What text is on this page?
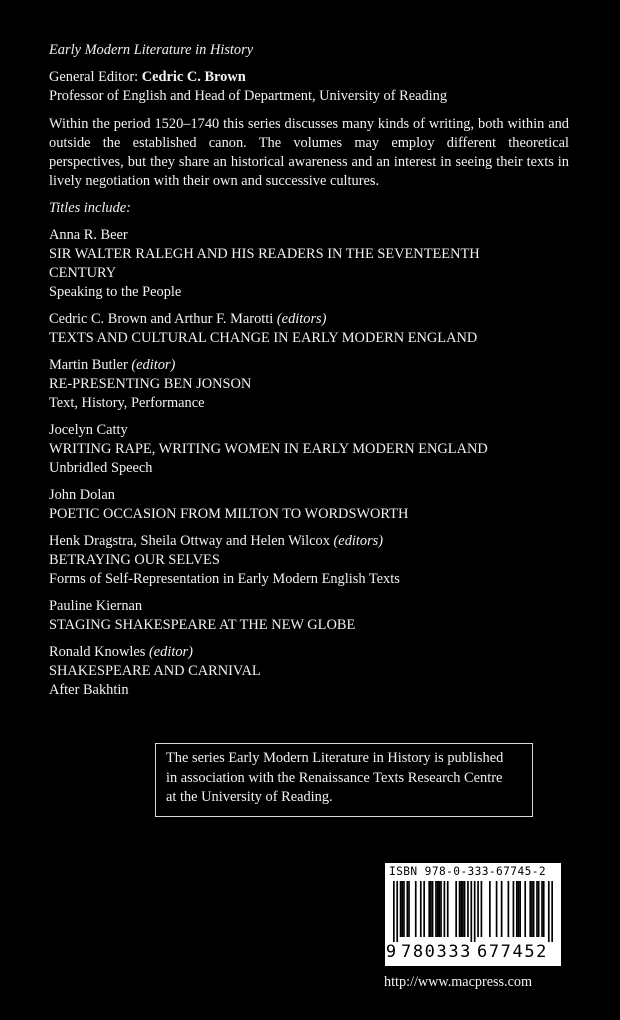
Early Modern Literature in History
General Editor: Cedric C. Brown
Professor of English and Head of Department, University of Reading
Within the period 1520–1740 this series discusses many kinds of writing, both within and outside the established canon. The volumes may employ different theoretical perspectives, but they share an historical awareness and an interest in seeing their texts in lively negotiation with their own and successive cultures.
Titles include:
Anna R. Beer
SIR WALTER RALEGH AND HIS READERS IN THE SEVENTEENTH
CENTURY
Speaking to the People
Cedric C. Brown and Arthur F. Marotti (editors)
TEXTS AND CULTURAL CHANGE IN EARLY MODERN ENGLAND
Martin Butler (editor)
RE-PRESENTING BEN JONSON
Text, History, Performance
Jocelyn Catty
WRITING RAPE, WRITING WOMEN IN EARLY MODERN ENGLAND
Unbridled Speech
John Dolan
POETIC OCCASION FROM MILTON TO WORDSWORTH
Henk Dragstra, Sheila Ottway and Helen Wilcox (editors)
BETRAYING OUR SELVES
Forms of Self-Representation in Early Modern English Texts
Pauline Kiernan
STAGING SHAKESPEARE AT THE NEW GLOBE
Ronald Knowles (editor)
SHAKESPEARE AND CARNIVAL
After Bakhtin
The series Early Modern Literature in History is published
in association with the Renaissance Texts Research Centre
at the University of Reading.
ISBN 978-0-333-67745-2
9 780333 677452
http://www.macpress.com
